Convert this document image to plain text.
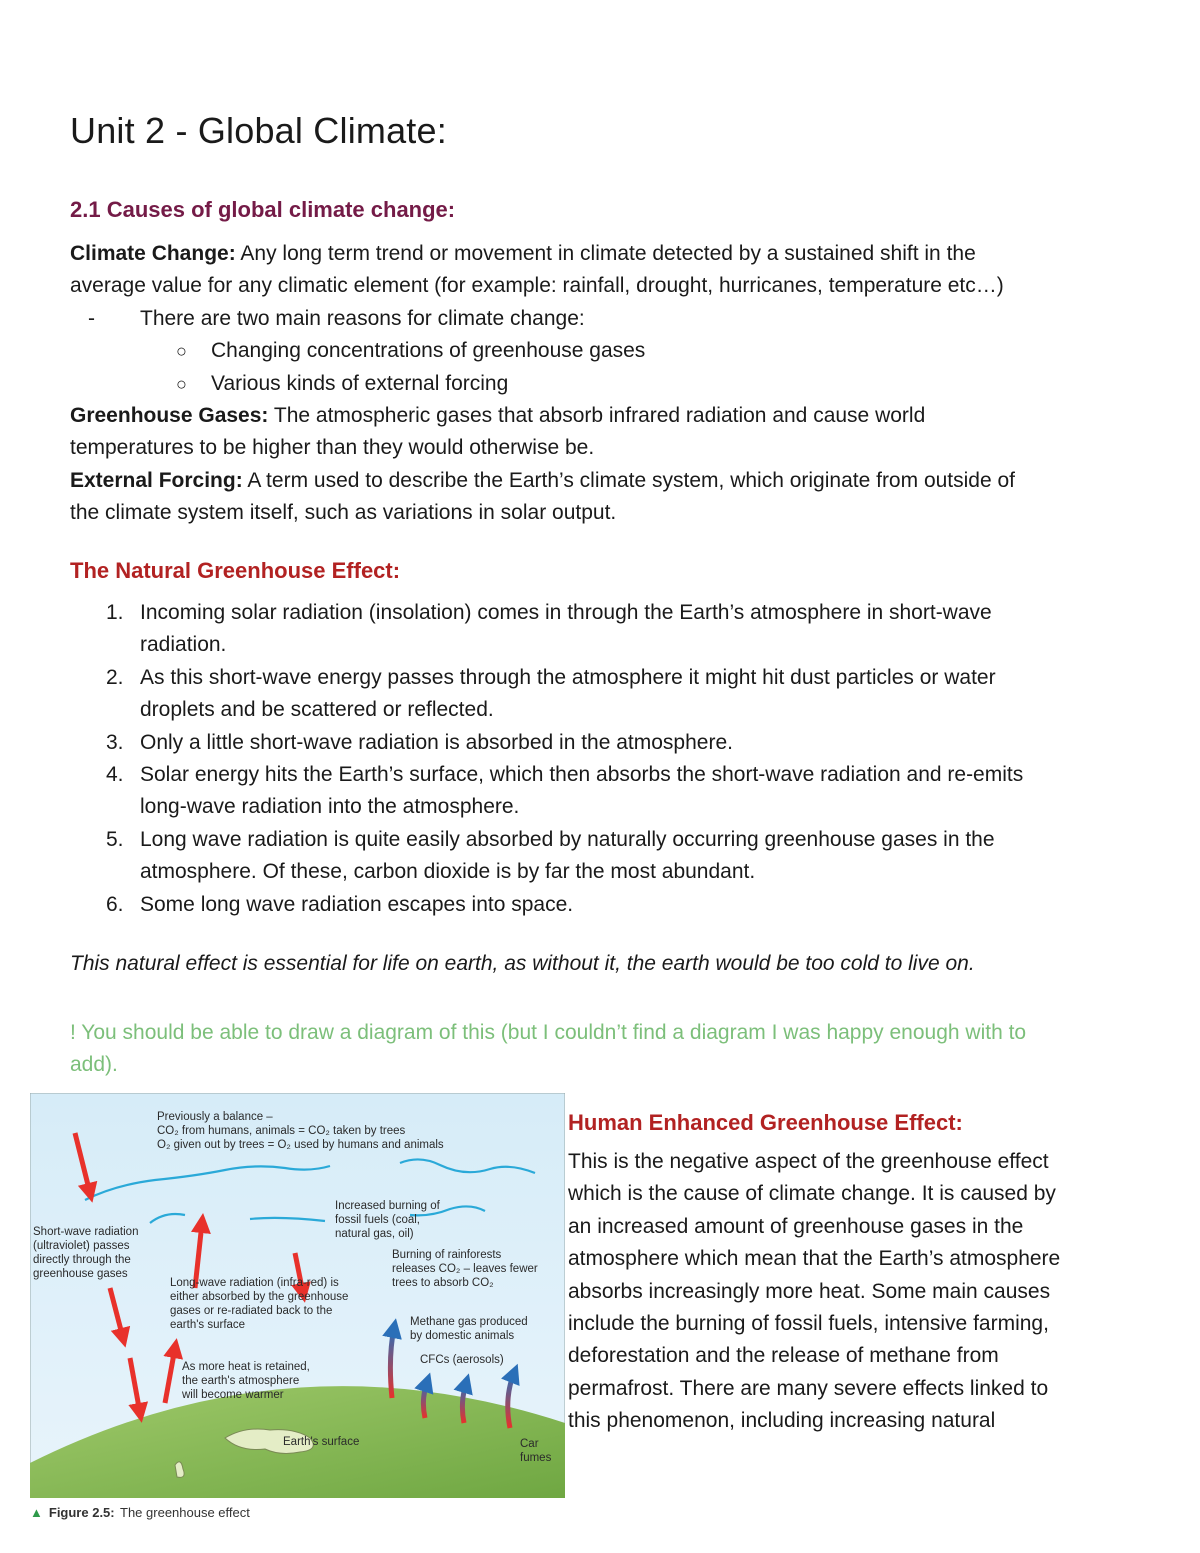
Unit 2 - Global Climate:
2.1 Causes of global climate change:

Climate Change: Any long term trend or movement in climate detected by a sustained shift in the

average value for any climatic element (for example: rainfall, drought, hurricanes, temperature etc…)

- There are two main reasons for climate change:

○ Changing concentrations of greenhouse gases

○ Various kinds of external forcing

Greenhouse Gases: The atmospheric gases that absorb infrared radiation and cause world

temperatures to be higher than they would otherwise be.

External Forcing: A term used to describe the Earth’s climate system, which originate from outside of

the climate system itself, such as variations in solar output.

The Natural Greenhouse Effect:
1. Incoming solar radiation (insolation) comes in through the Earth’s atmosphere in short-wave
radiation.
2. As this short-wave energy passes through the atmosphere it might hit dust particles or water
droplets and be scattered or reflected.
3. Only a little short-wave radiation is absorbed in the atmosphere.
4. Solar energy hits the Earth’s surface, which then absorbs the short-wave radiation and re-emits
long-wave radiation into the atmosphere.
5. Long wave radiation is quite easily absorbed by naturally occurring greenhouse gases in the
atmosphere. Of these, carbon dioxide is by far the most abundant.
6. Some long wave radiation escapes into space.

This natural effect is essential for life on earth, as without it, the earth would be too cold to live on.

! You should be able to draw a diagram of this (but I couldn’t find a diagram I was happy enough with to
add).
Previously a balance –
CO₂ from humans, animals = CO₂ taken by trees
O₂ given out by trees = O₂ used by humans and animals
Short-wave radiation
(ultraviolet) passes
directly through the
greenhouse gases
Increased burning of
fossil fuels (coal,
natural gas, oil)
Burning of rainforests
releases CO₂ – leaves fewer
trees to absorb CO₂
Long-wave radiation (infra-red) is
either absorbed by the greenhouse
gases or re-radiated back to the
earth's surface	Methane gas produced
by domestic animals
CFCs (aerosols)
As more heat is retained,
the earth's atmosphere
will become warmer
Earth's surface	Car
fumes
▲ Figure 2.5: The greenhouse effect
Human Enhanced Greenhouse Effect:

This is the negative aspect of the greenhouse effect

which is the cause of climate change. It is caused by

an increased amount of greenhouse gases in the

atmosphere which mean that the Earth’s atmosphere

absorbs increasingly more heat. Some main causes

include the burning of fossil fuels, intensive farming,

deforestation and the release of methane from

permafrost. There are many severe effects linked to

this phenomenon, including increasing natural
